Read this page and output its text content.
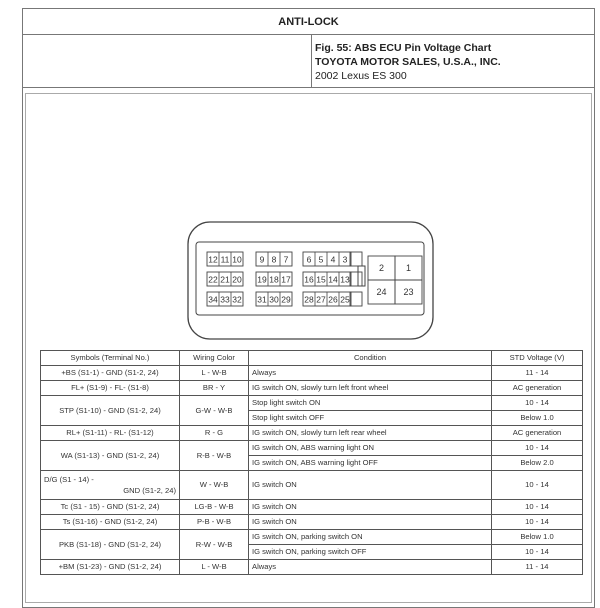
ANTI-LOCK
Fig. 55: ABS ECU Pin Voltage Chart
TOYOTA MOTOR SALES, U.S.A., INC.
2002 Lexus ES 300
12 11 10 9 8 7 6 5 4 3
22 21 20 19 18 17 16 15 14 13
34 33 32 31 30 29 28 27 26 25
2 1
24 23
Symbols (Terminal No.)	Wiring Color	Condition	STD Voltage (V)
+BS (S1-1) - GND (S1-2, 24)	L - W-B	Always	11 - 14
FL+ (S1-9) - FL- (S1-8)	BR - Y	IG switch ON, slowly turn left front wheel	AC generation
STP (S1-10) - GND (S1-2, 24)	G-W - W-B	Stop light switch ON	10 - 14
		Stop light switch OFF	Below 1.0
RL+ (S1-11) - RL- (S1-12)	R - G	IG switch ON, slowly turn left rear wheel	AC generation
WA (S1-13) - GND (S1-2, 24)	R-B - W-B	IG switch ON, ABS warning light ON	10 - 14
		IG switch ON, ABS warning light OFF	Below 2.0

D/G (S1 - 14) -
GND (S1-2, 24)	W - W-B	IG switch ON	10 - 14
Tc (S1 - 15) - GND (S1-2, 24)	LG-B - W-B	IG switch ON	10 - 14
Ts (S1-16) - GND (S1-2, 24)	P-B - W-B	IG switch ON	10 - 14
PKB (S1-18) - GND (S1-2, 24)	R-W - W-B	IG switch ON, parking switch ON	Below 1.0
		IG switch ON, parking switch OFF	10 - 14
+BM (S1-23) - GND (S1-2, 24)	L - W-B	Always	11 - 14
